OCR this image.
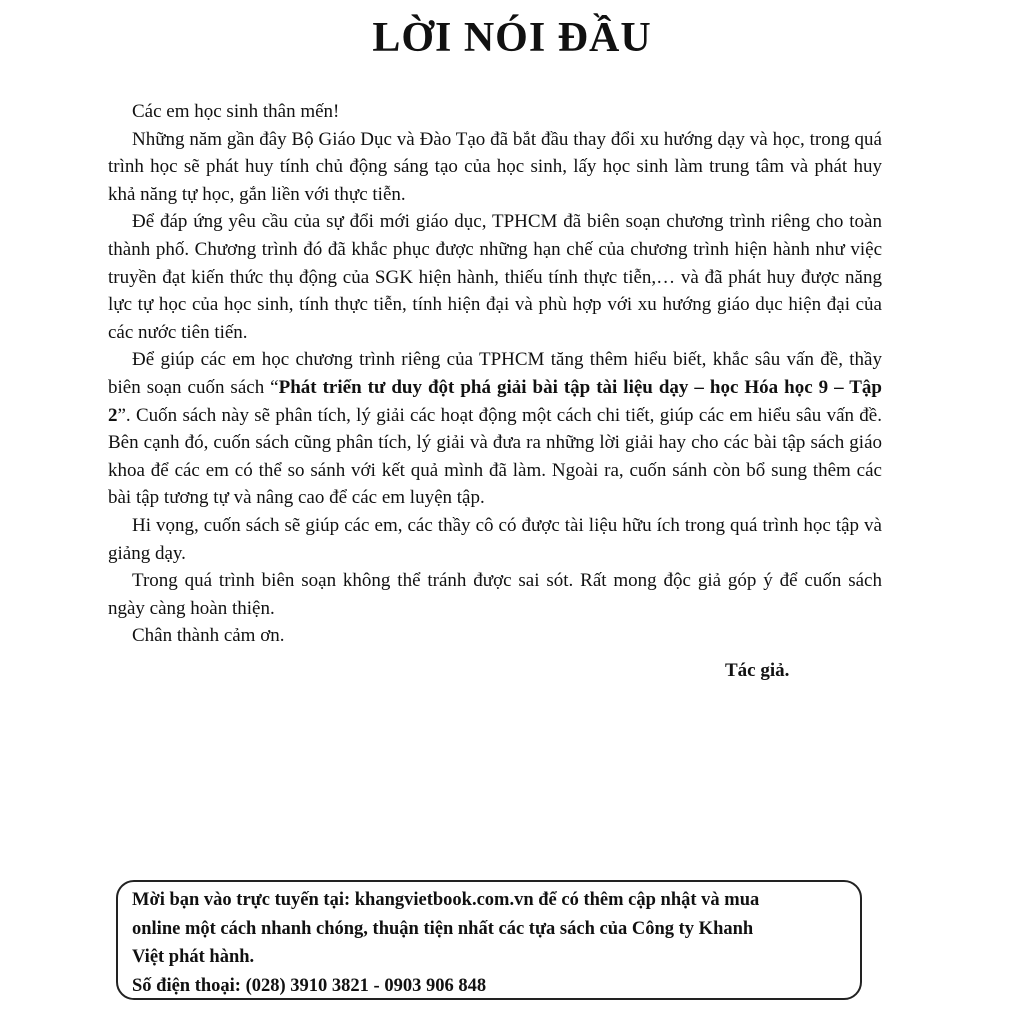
LỜI NÓI ĐẦU

Các em học sinh thân mến!

Những năm gần đây Bộ Giáo Dục và Đào Tạo đã bắt đầu thay đổi xu hướng dạy và học, trong quá trình học sẽ phát huy tính chủ động sáng tạo của học sinh, lấy học sinh làm trung tâm và phát huy khả năng tự học, gắn liền với thực tiễn.

Để đáp ứng yêu cầu của sự đổi mới giáo dục, TPHCM đã biên soạn chương trình riêng cho toàn thành phố. Chương trình đó đã khắc phục được những hạn chế của chương trình hiện hành như việc truyền đạt kiến thức thụ động của SGK hiện hành, thiếu tính thực tiễn,… và đã phát huy được năng lực tự học của học sinh, tính thực tiễn, tính hiện đại và phù hợp với xu hướng giáo dục hiện đại của các nước tiên tiến.

Để giúp các em học chương trình riêng của TPHCM tăng thêm hiểu biết, khắc sâu vấn đề, thầy biên soạn cuốn sách “Phát triển tư duy đột phá giải bài tập tài liệu dạy – học Hóa học 9 – Tập 2”. Cuốn sách này sẽ phân tích, lý giải các hoạt động một cách chi tiết, giúp các em hiểu sâu vấn đề. Bên cạnh đó, cuốn sách cũng phân tích, lý giải và đưa ra những lời giải hay cho các bài tập sách giáo khoa để các em có thể so sánh với kết quả mình đã làm. Ngoài ra, cuốn sánh còn bổ sung thêm các bài tập tương tự và nâng cao để các em luyện tập.

Hi vọng, cuốn sách sẽ giúp các em, các thầy cô có được tài liệu hữu ích trong quá trình học tập và giảng dạy.

Trong quá trình biên soạn không thể tránh được sai sót. Rất mong độc giả góp ý để cuốn sách ngày càng hoàn thiện.

Chân thành cảm ơn.

Tác giả.
Mời bạn vào trực tuyến tại: khangvietbook.com.vn để có thêm cập nhật và mua
online một cách nhanh chóng, thuận tiện nhất các tựa sách của Công ty Khanh
Việt phát hành.
Số điện thoại: (028) 3910 3821 - 0903 906 848
